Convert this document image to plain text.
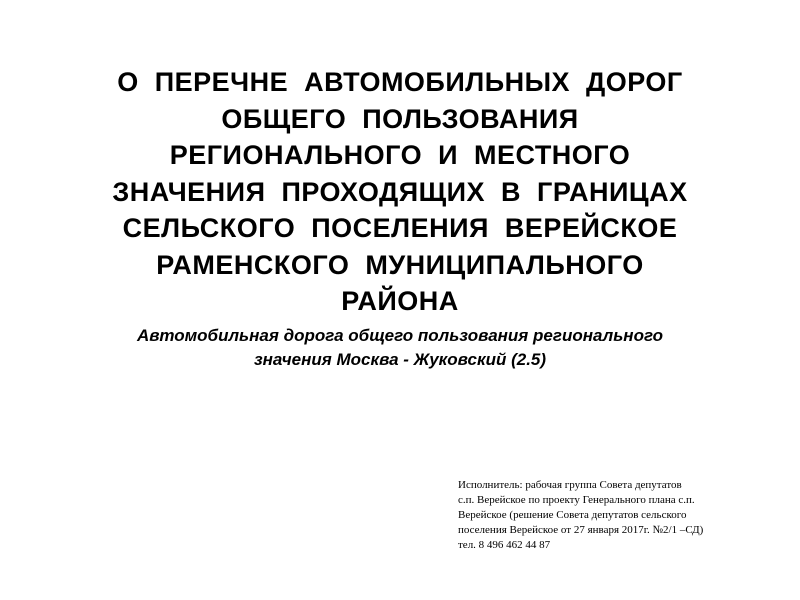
О ПЕРЕЧНЕ АВТОМОБИЛЬНЫХ ДОРОГ
ОБЩЕГО ПОЛЬЗОВАНИЯ
РЕГИОНАЛЬНОГО И МЕСТНОГО
ЗНАЧЕНИЯ ПРОХОДЯЩИХ В ГРАНИЦАХ
СЕЛЬСКОГО ПОСЕЛЕНИЯ ВЕРЕЙСКОЕ
РАМЕНСКОГО МУНИЦИПАЛЬНОГО
РАЙОНА
Автомобильная дорога общего пользования регионального
значения Москва - Жуковский (2.5)
Исполнитель: рабочая группа Совета депутатов
с.п. Верейское по проекту Генерального плана с.п.
Верейское (решение Совета депутатов сельского
поселения Верейское от 27 января 2017г. №2/1 –СД)
тел. 8 496 462 44 87
